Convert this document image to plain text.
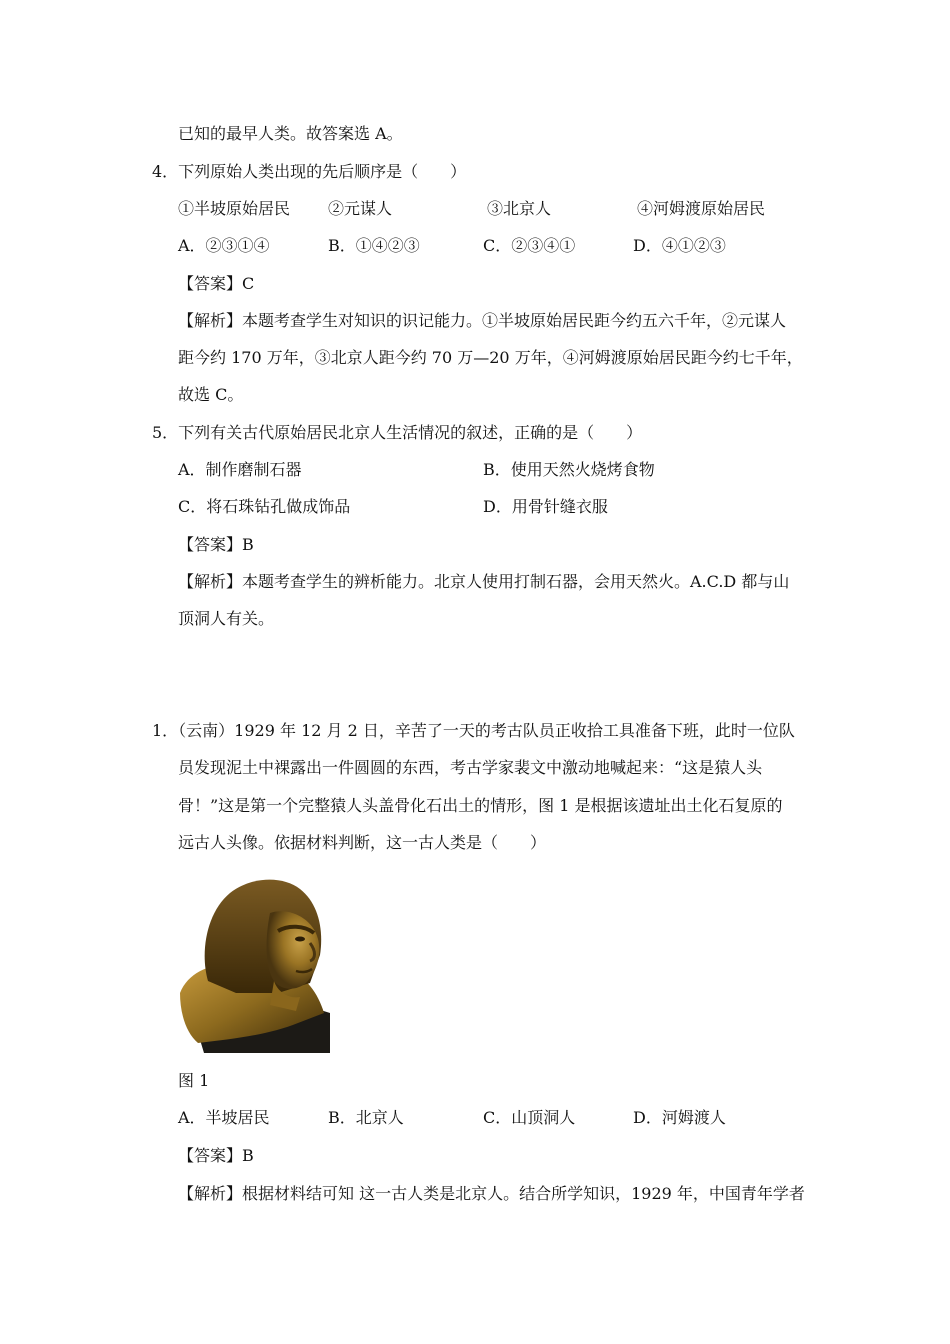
已知的最早人类。故答案选 A。
4．下列原始人类出现的先后顺序是（　　）
①半坡原始居民 ②元谋人	③北京人	④河姆渡原始居民
A．②③①④	B．①④②③	C．②③④①	D．④①②③
【答案】C
【解析】本题考查学生对知识的识记能力。①半坡原始居民距今约五六千年，②元谋人
距今约 170 万年，③北京人距今约 70 万—20 万年，④河姆渡原始居民距今约七千年，
故选 C。
5．下列有关古代原始居民北京人生活情况的叙述，正确的是（　　）
A．制作磨制石器	B．使用天然火烧烤食物
C．将石珠钻孔做成饰品	D．用骨针缝衣服
【答案】B
【解析】本题考查学生的辨析能力。北京人使用打制石器，会用天然火。A.C.D 都与山
顶洞人有关。
1．（云南）1929 年 12 月 2 日，辛苦了一天的考古队员正收拾工具准备下班，此时一位队
员发现泥土中裸露出一件圆圆的东西，考古学家裴文中激动地喊起来：“这是猿人头
骨！”这是第一个完整猿人头盖骨化石出土的情形，图 1 是根据该遗址出土化石复原的
远古人头像。依据材料判断，这一古人类是（　　）
图 1
A．半坡居民	B．北京人	C．山顶洞人	D．河姆渡人
【答案】B
【解析】根据材料结可知 这一古人类是北京人。结合所学知识，1929 年，中国青年学者
